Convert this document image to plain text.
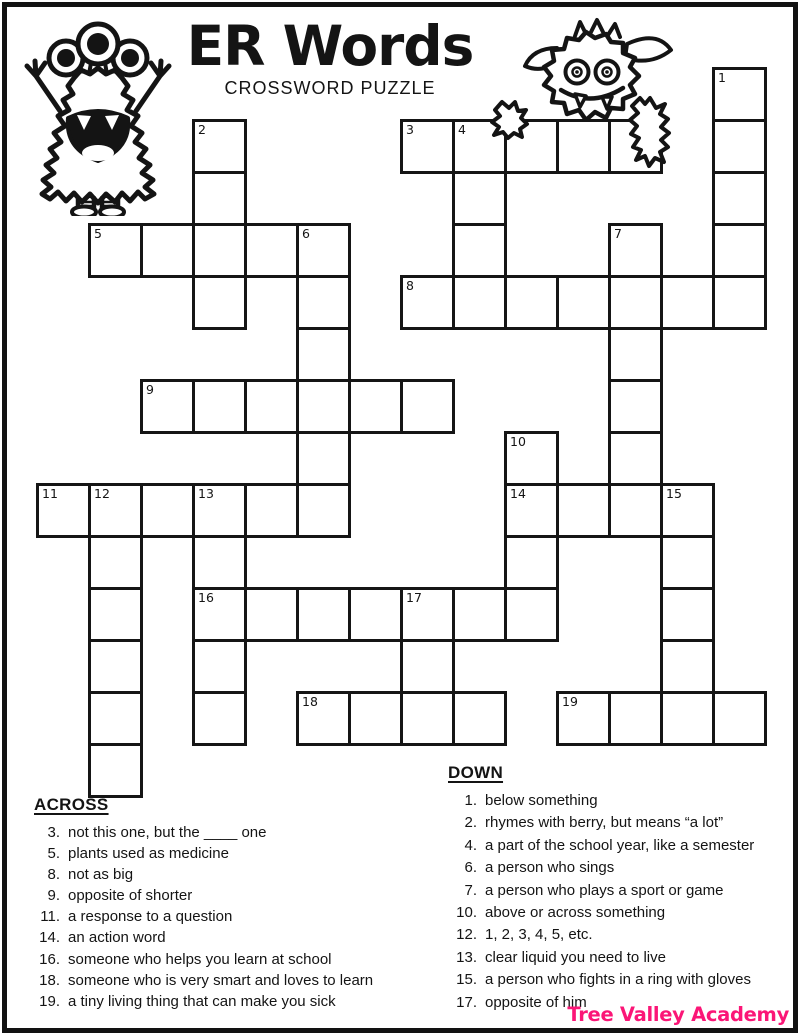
ER Words
CROSSWORD PUZZLE
1
2	3	4
5	6	7
8
9
10
11	12	13	14	15
16	17
18	19
ACROSS
3. not this one, but the ____ one
5. plants used as medicine
8. not as big
9. opposite of shorter
11. a response to a question
14. an action word
16. someone who helps you learn at school
18. someone who is very smart and loves to learn
19. a tiny living thing that can make you sick
DOWN
1. below something
2. rhymes with berry, but means “a lot”
4. a part of the school year, like a semester
6. a person who sings
7. a person who plays a sport or game
10. above or across something
12. 1, 2, 3, 4, 5, etc.
13. clear liquid you need to live
15. a person who fights in a ring with gloves
17. opposite of him
Tree Valley Academy
